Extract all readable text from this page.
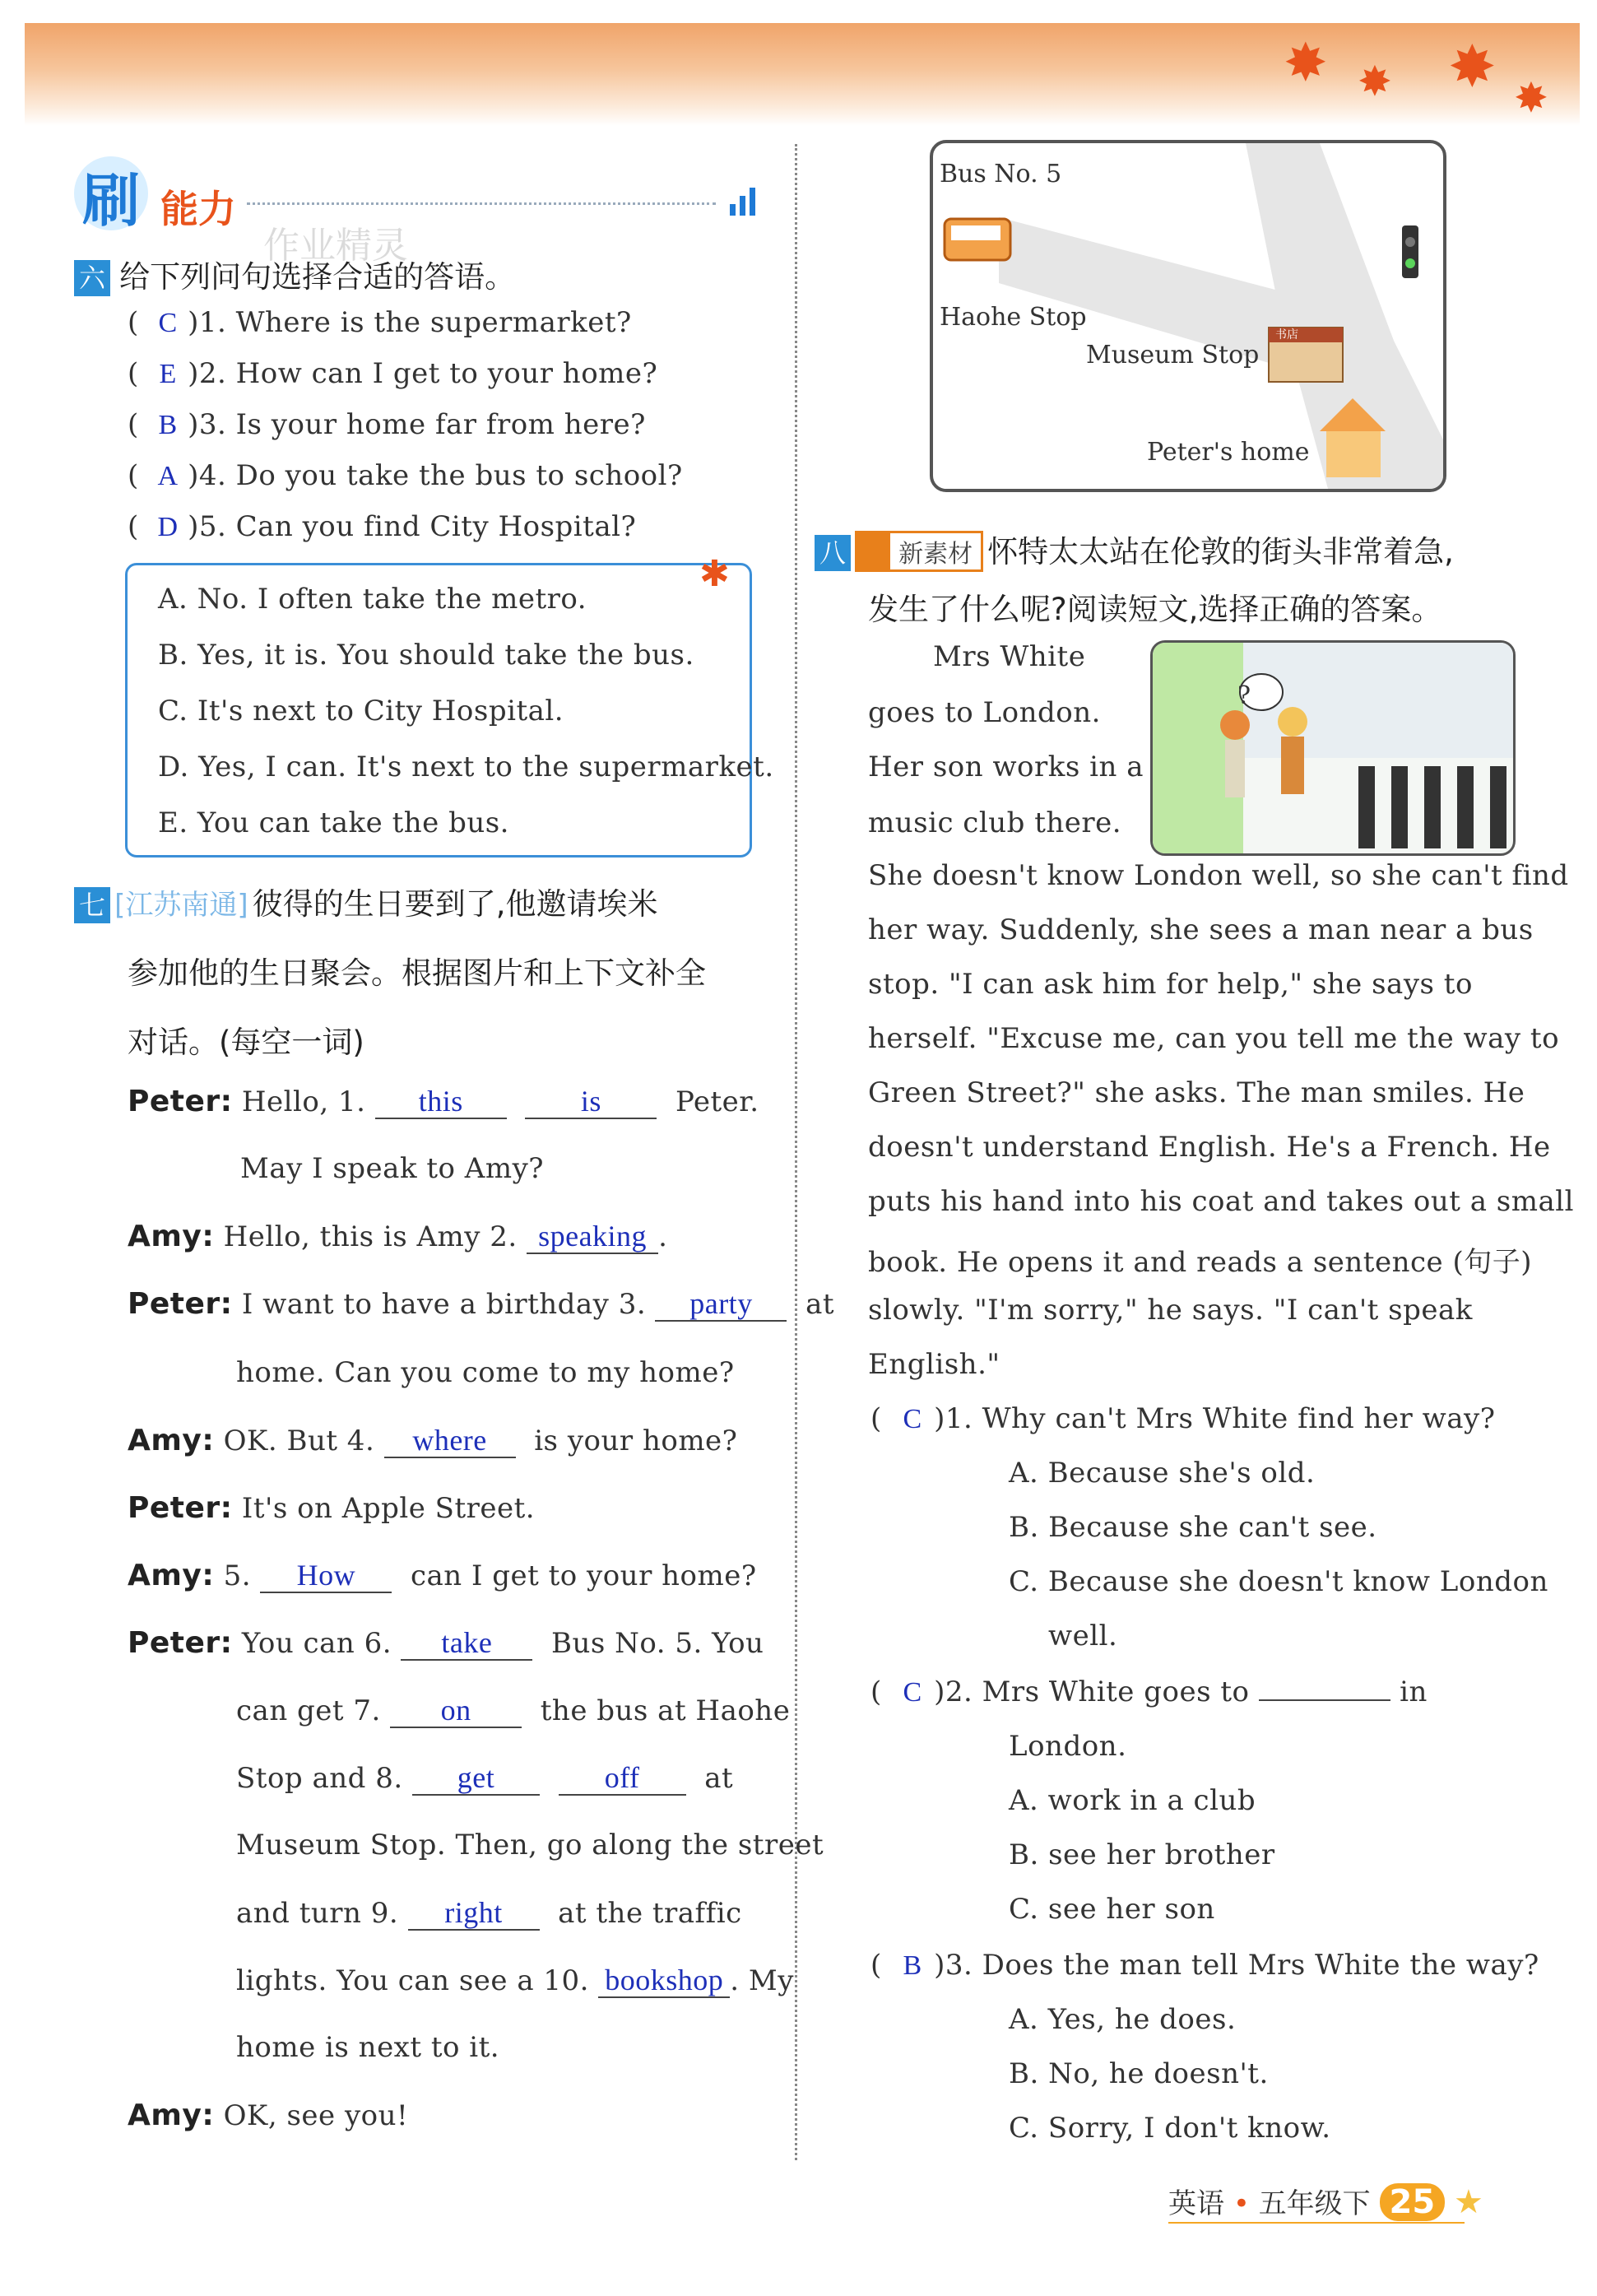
✸ ✸ ✸ ✸
刷 能力
作业精灵
六 给下列问句选择合适的答语。
( C )1. Where is the supermarket?
( E )2. How can I get to your home?
( B )3. Is your home far from here?
( A )4. Do you take the bus to school?
( D )5. Can you find City Hospital?
✱
A. No. I often take the metro.
B. Yes, it is. You should take the bus.
C. It's next to City Hospital.
D. Yes, I can. It's next to the supermarket.
E. You can take the bus.
七 [江苏南通] 彼得的生日要到了,他邀请埃米
参加他的生日聚会。根据图片和上下文补全
对话。(每空一词)
Peter: Hello, 1. this	is	Peter.
May I speak to Amy?
Amy: Hello, this is Amy 2. speaking .
Peter: I want to have a birthday 3. party at
home. Can you come to my home?
Amy: OK. But 4. where is your home?
Peter: It's on Apple Street.
Amy: 5. How can I get to your home?
Peter: You can 6. take Bus No. 5. You
can get 7. on the bus at Haohe
Stop and 8. get	off at
Museum Stop. Then, go along the street
and turn 9. right at the traffic
lights. You can see a 10. bookshop . My
home is next to it.
Amy: OK, see you!
Bus No. 5
Haohe Stop
Museum Stop
Peter's home
书店
八 新素材 怀特太太站在伦敦的街头非常着急,
发生了什么呢?阅读短文,选择正确的答案。
?
Mrs White
goes to London.
Her son works in a
music club there.
She doesn't know London well, so she can't find
her way. Suddenly, she sees a man near a bus
stop. "I can ask him for help," she says to
herself. "Excuse me, can you tell me the way to
Green Street?" she asks. The man smiles. He
doesn't understand English. He's a French. He
puts his hand into his coat and takes out a small
book. He opens it and reads a sentence (句子)
slowly. "I'm sorry," he says. "I can't speak
English."
( C )1. Why can't Mrs White find her way?
A. Because she's old.
B. Because she can't see.
C. Because she doesn't know London
well.
( C )2. Mrs White goes to	in
London.
A. work in a club
B. see her brother
C. see her son
( B )3. Does the man tell Mrs White the way?
A. Yes, he does.
B. No, he doesn't.
C. Sorry, I don't know.
英语 • 五年级下 25 ★
